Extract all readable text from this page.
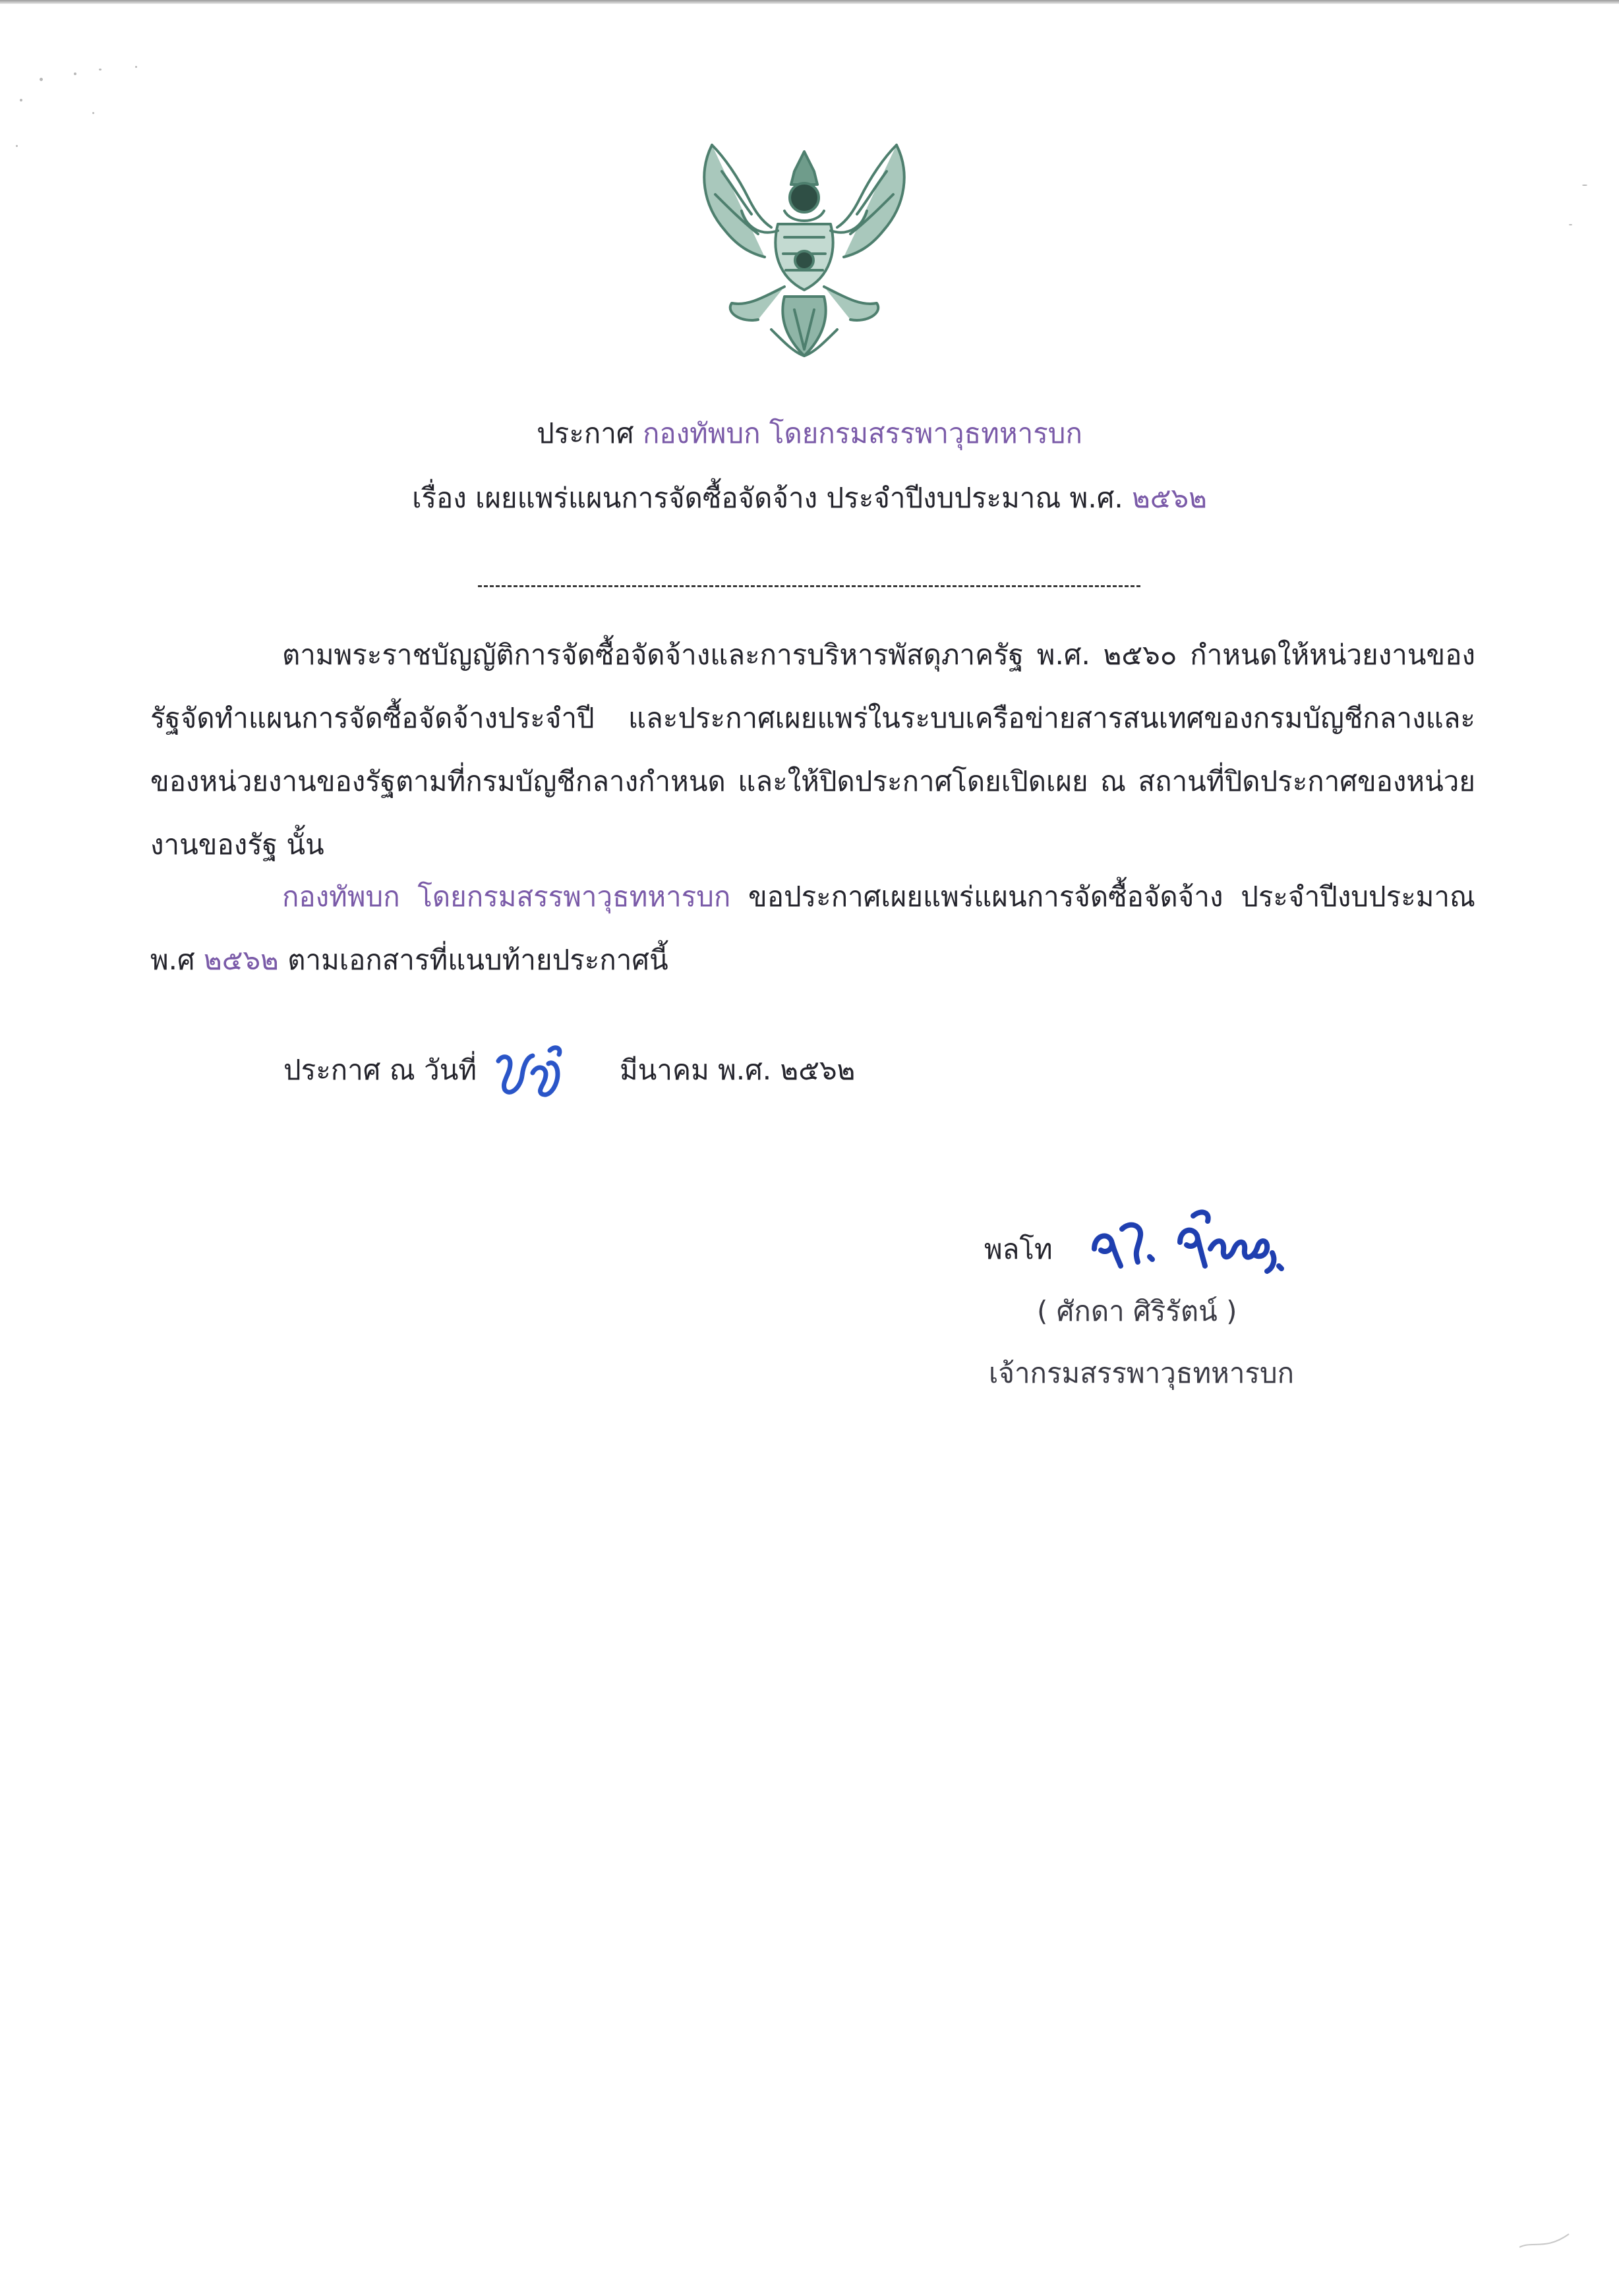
ประกาศ กองทัพบก โดยกรมสรรพาวุธทหารบก
เรื่อง เผยแพร่แผนการจัดซื้อจัดจ้าง ประจำปีงบประมาณ พ.ศ. ๒๕๖๒
ตามพระราชบัญญัติการจัดซื้อจัดจ้างและการบริหารพัสดุภาครัฐ พ.ศ. ๒๕๖๐ กำหนดให้หน่วยงานของรัฐจัดทำแผนการจัดซื้อจัดจ้างประจำปี และประกาศเผยแพร่ในระบบเครือข่ายสารสนเทศของกรมบัญชีกลางและของหน่วยงานของรัฐตามที่กรมบัญชีกลางกำหนด และให้ปิดประกาศโดยเปิดเผย ณ สถานที่ปิดประกาศของหน่วยงานของรัฐ นั้น
กองทัพบก โดยกรมสรรพาวุธทหารบก ขอประกาศเผยแพร่แผนการจัดซื้อจัดจ้าง ประจำปีงบประมาณ พ.ศ ๒๕๖๒ ตามเอกสารที่แนบท้ายประกาศนี้
ประกาศ ณ วันที่	มีนาคม พ.ศ. ๒๕๖๒
พลโท
( ศักดา ศิริรัตน์ )
เจ้ากรมสรรพาวุธทหารบก
